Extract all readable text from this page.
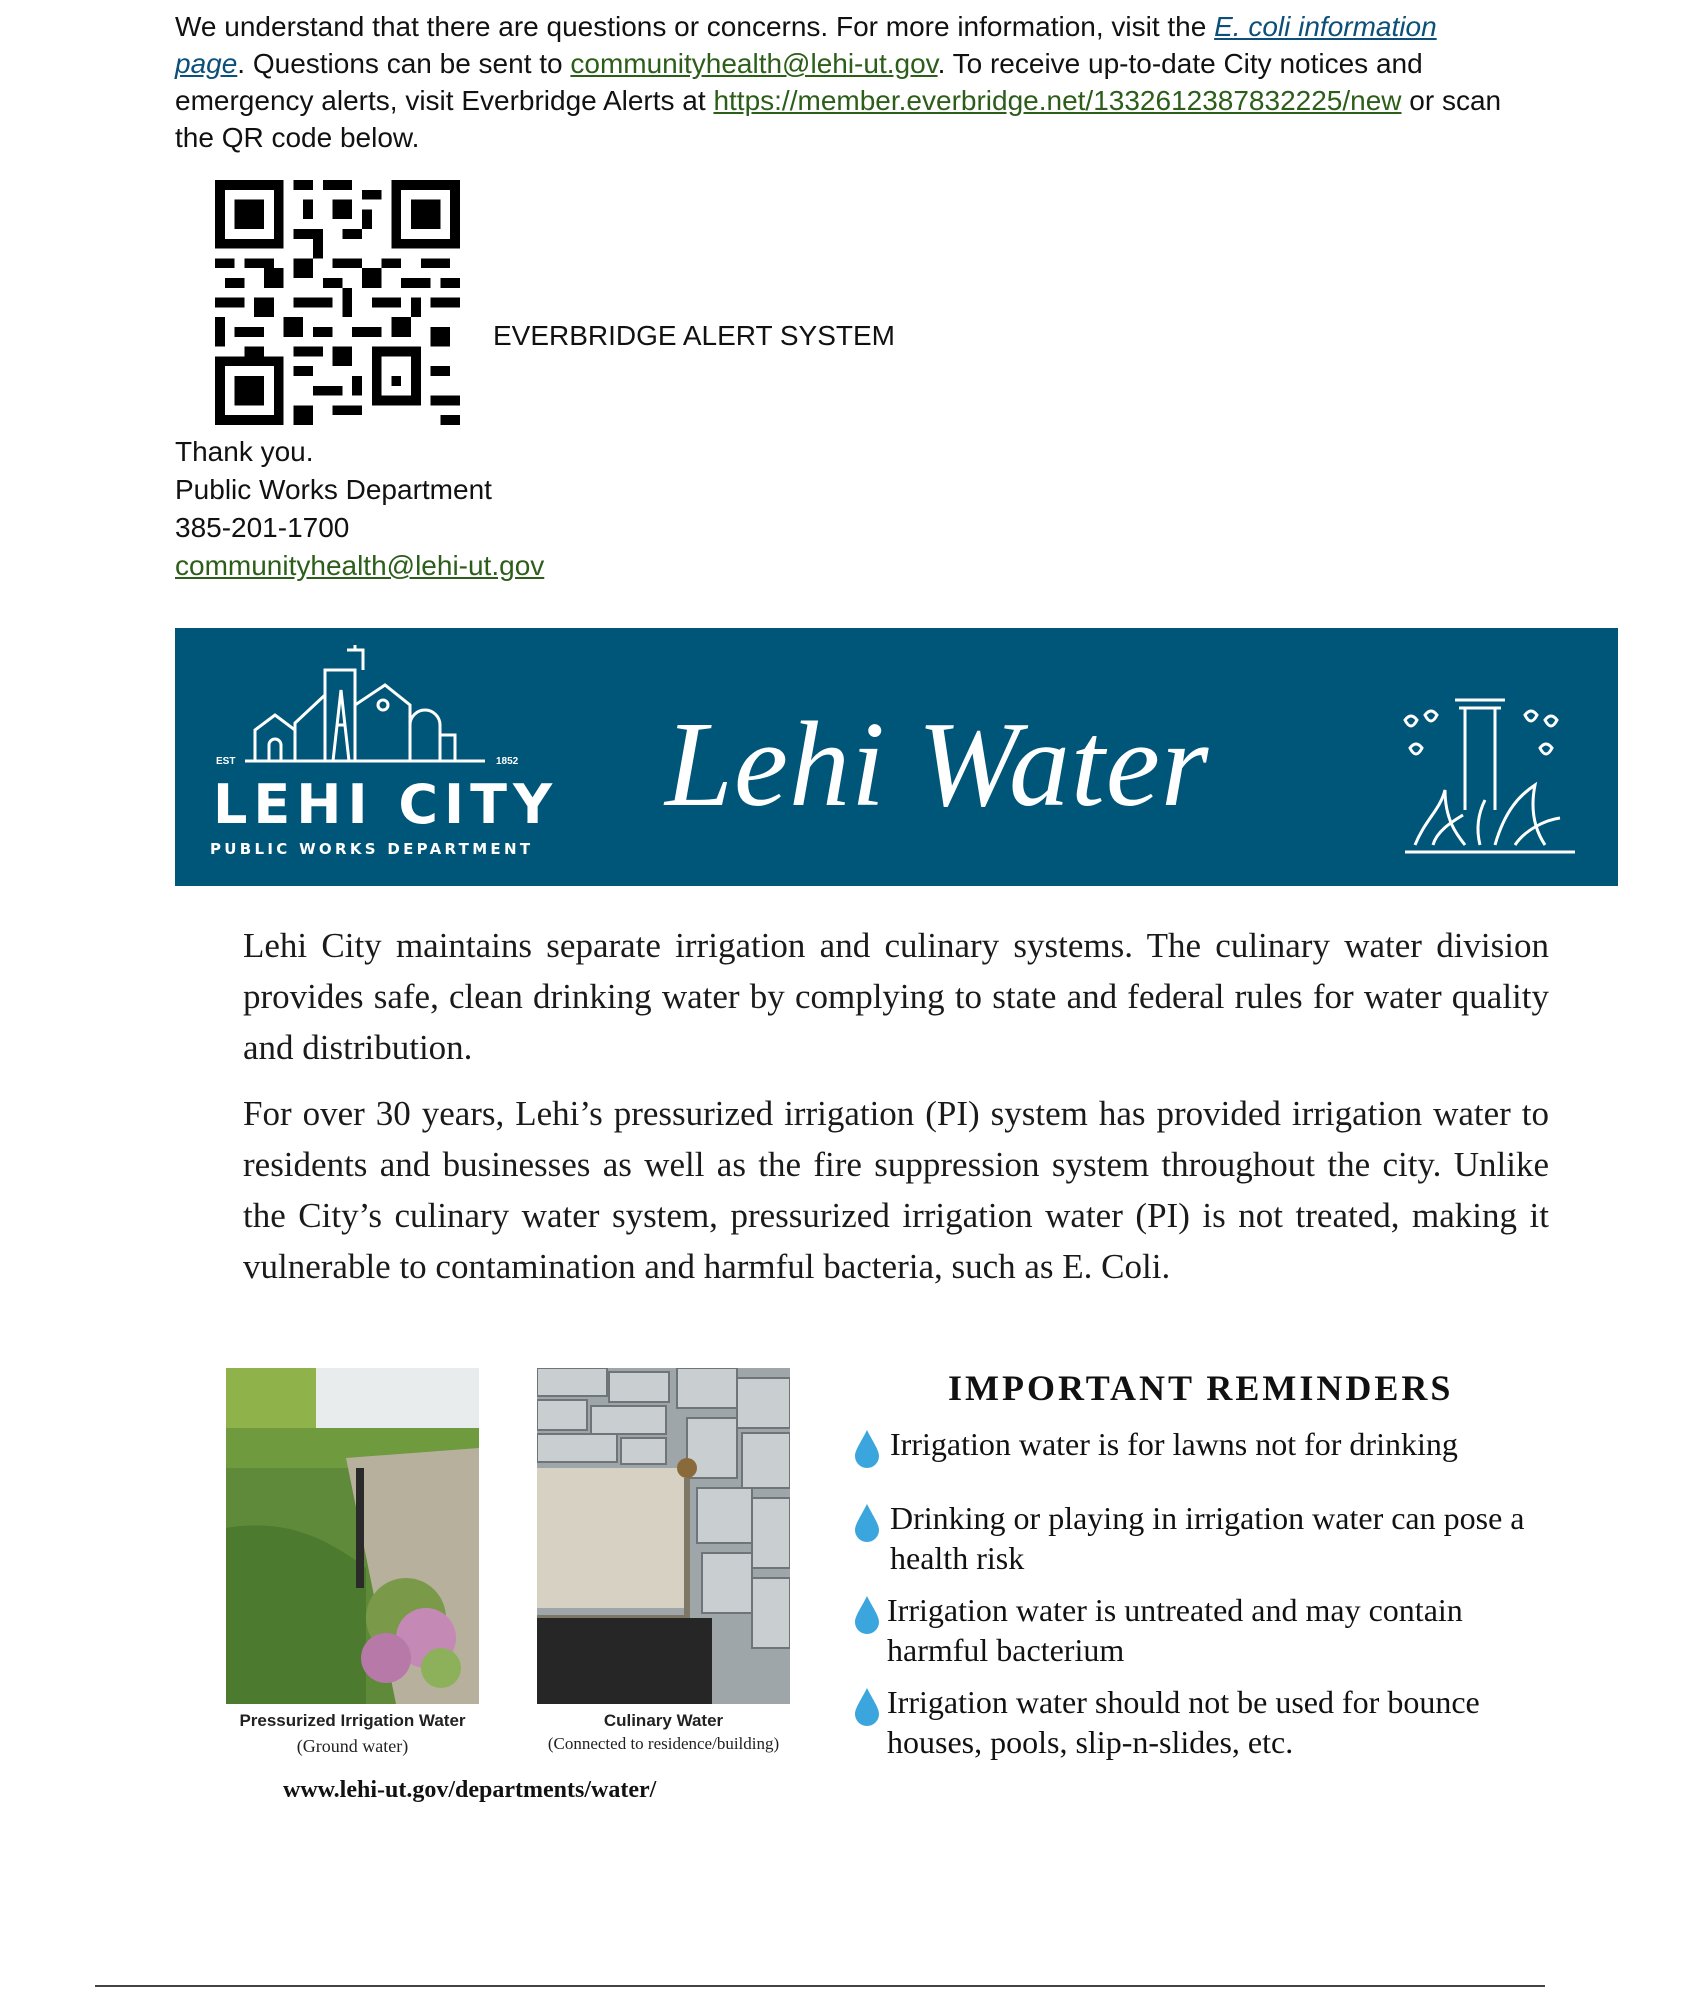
We understand that there are questions or concerns. For more information, visit the E. coli information page. Questions can be sent to communityhealth@lehi-ut.gov. To receive up-to-date City notices and emergency alerts, visit Everbridge Alerts at https://member.everbridge.net/1332612387832225/new or scan the QR code below.
EVERBRIDGE ALERT SYSTEM
Thank you.
Public Works Department
385-201-1700
communityhealth@lehi-ut.gov
EST	1852
LEHI CITY
PUBLIC WORKS DEPARTMENT
Lehi Water
Lehi City maintains separate irrigation and culinary systems. The culinary water division provides safe, clean drinking water by complying to state and federal rules for water quality and distribution.
For over 30 years, Lehi’s pressurized irrigation (PI) system has provided irrigation water to residents and businesses as well as the fire suppression system throughout the city. Unlike the City’s culinary water system, pressurized irrigation water (PI) is not treated, making it vulnerable to contamination and harmful bacteria, such as E. Coli.
Pressurized Irrigation Water
(Ground water)
Culinary Water
(Connected to residence/building)
www.lehi-ut.gov/departments/water/
IMPORTANT REMINDERS
Irrigation water is for lawns not for drinking
Drinking or playing in irrigation water can pose a health risk
Irrigation water is untreated and may contain harmful bacterium
Irrigation water should not be used for bounce houses, pools, slip-n-slides, etc.
